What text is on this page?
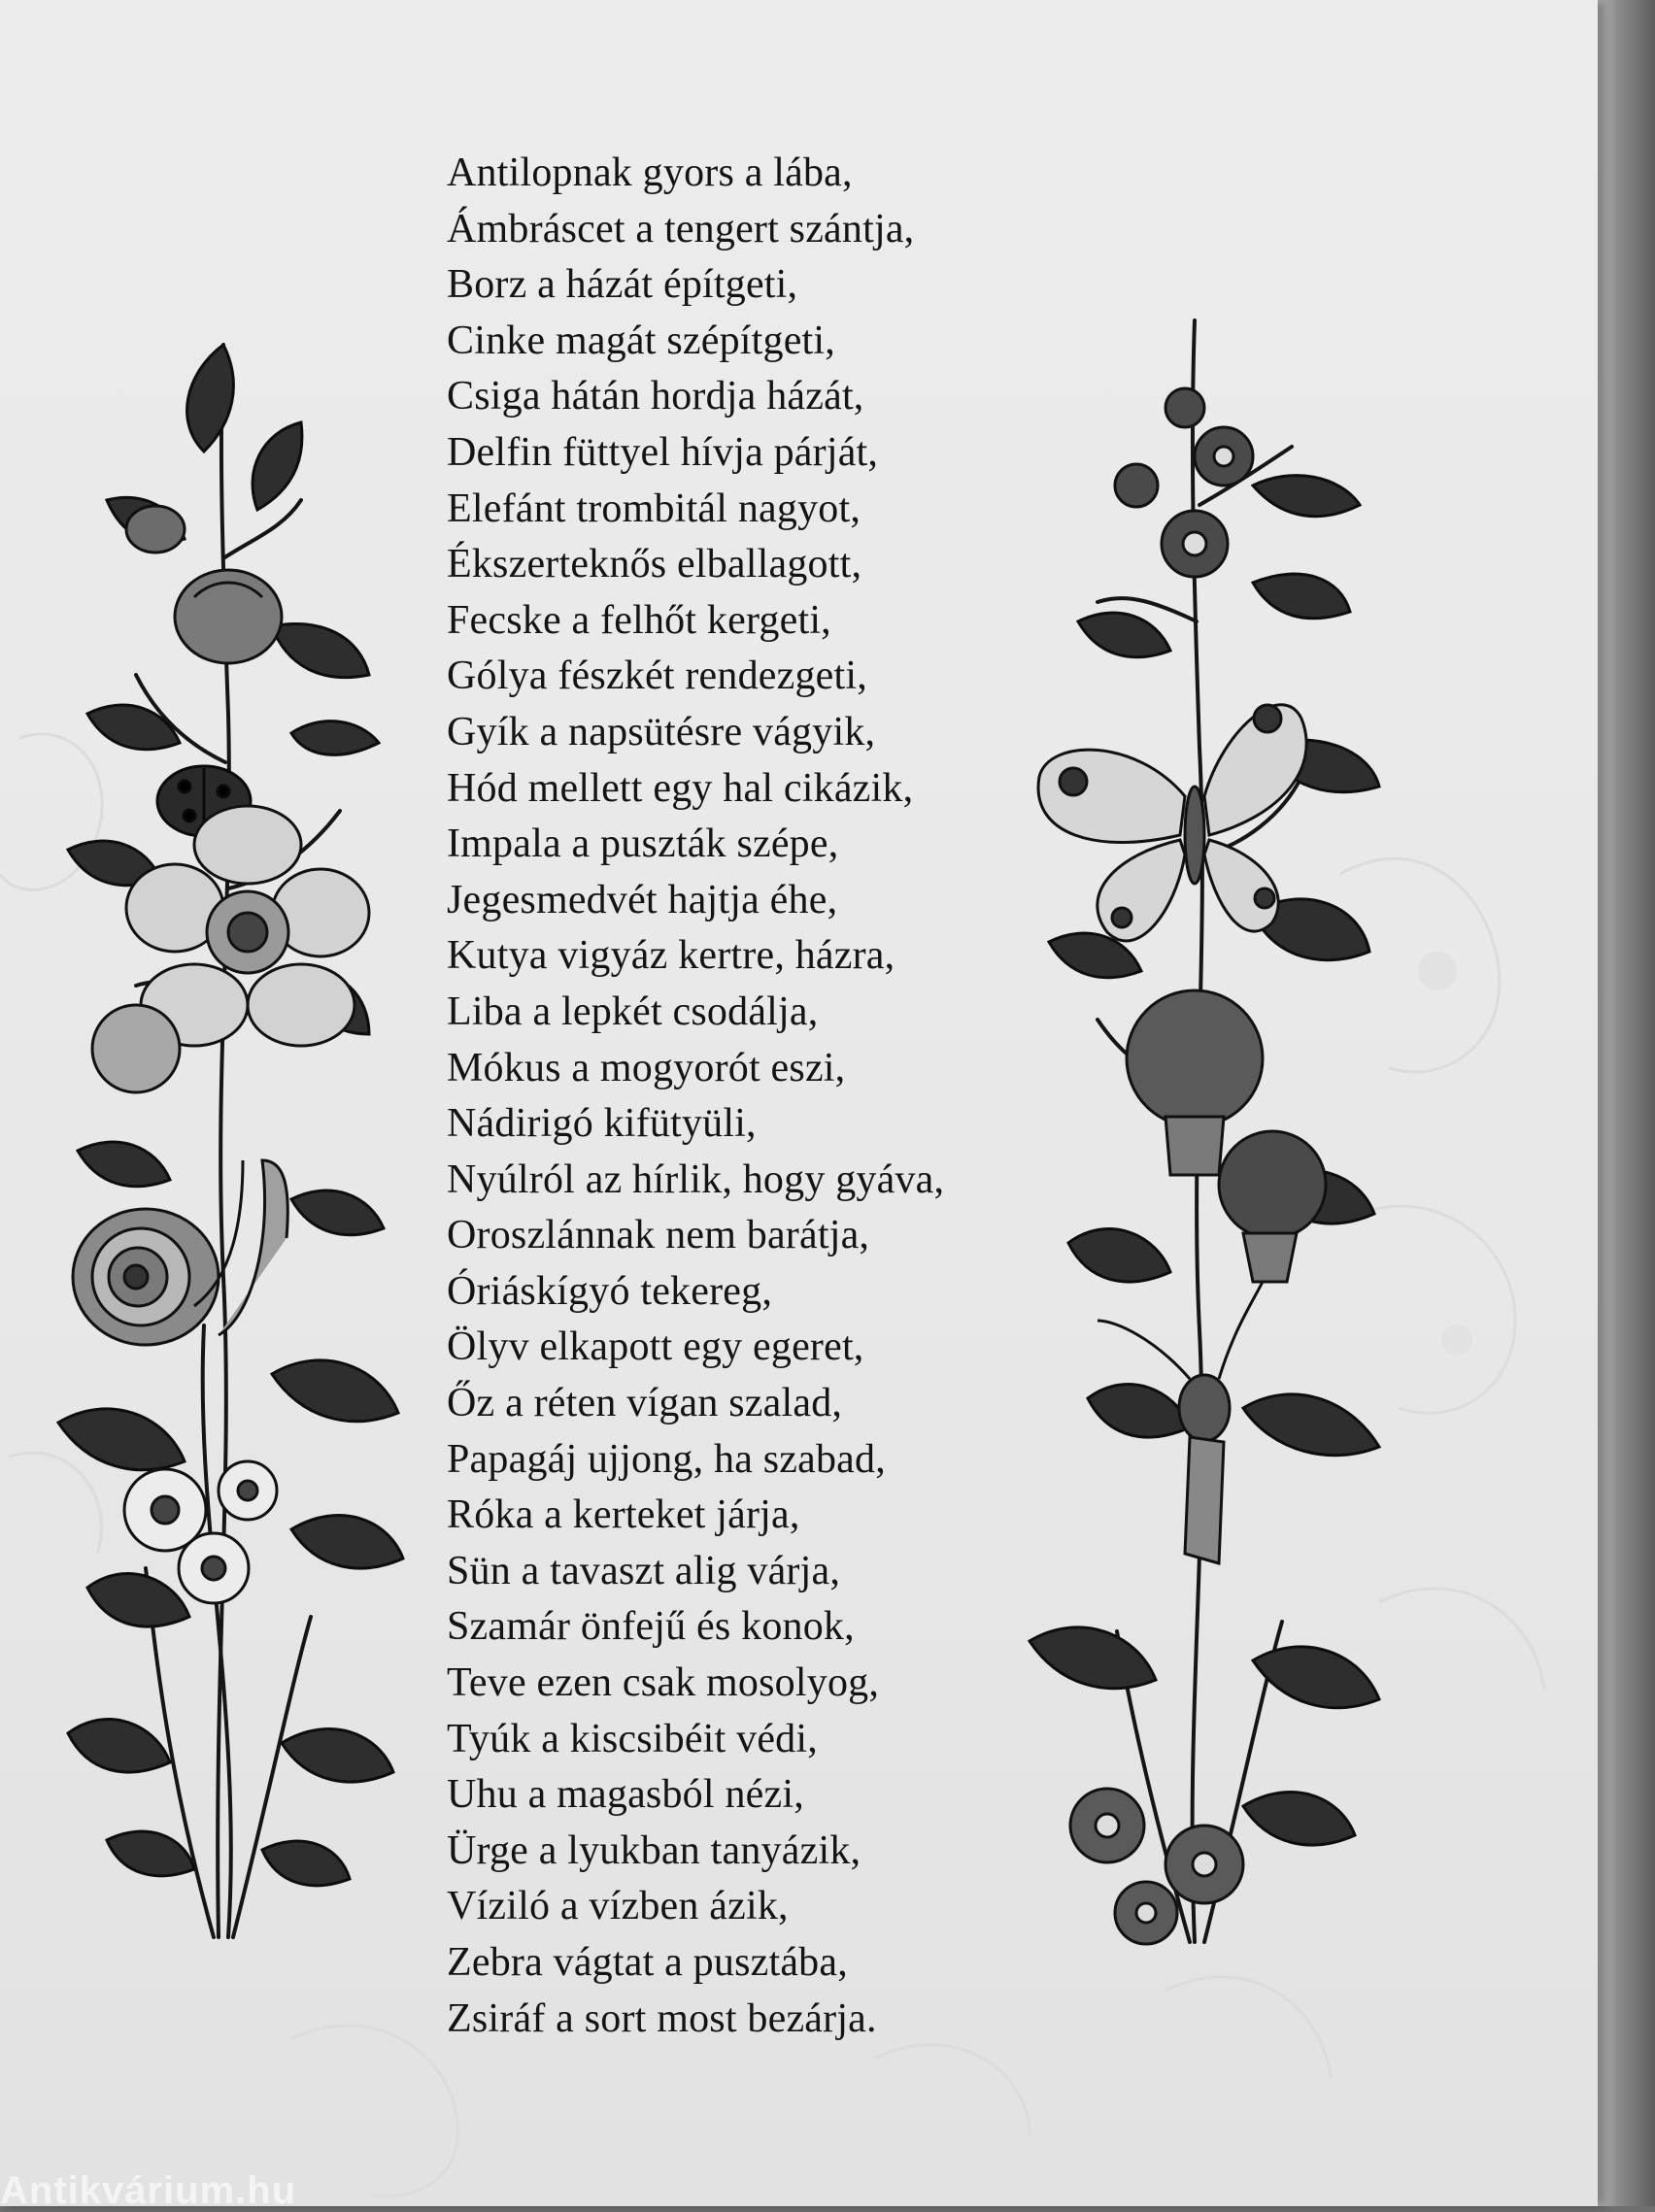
Antilopnak gyors a lába,
Ámbráscet a tengert szántja,
Borz a házát építgeti,
Cinke magát szépítgeti,
Csiga hátán hordja házát,
Delfin füttyel hívja párját,
Elefánt trombitál nagyot,
Ékszerteknős elballagott,
Fecske a felhőt kergeti,
Gólya fészkét rendezgeti,
Gyík a napsütésre vágyik,
Hód mellett egy hal cikázik,
Impala a puszták szépe,
Jegesmedvét hajtja éhe,
Kutya vigyáz kertre, házra,
Liba a lepkét csodálja,
Mókus a mogyorót eszi,
Nádirigó kifütyüli,
Nyúlról az hírlik, hogy gyáva,
Oroszlánnak nem barátja,
Óriáskígyó tekereg,
Ölyv elkapott egy egeret,
Őz a réten vígan szalad,
Papagáj ujjong, ha szabad,
Róka a kerteket járja,
Sün a tavaszt alig várja,
Szamár önfejű és konok,
Teve ezen csak mosolyog,
Tyúk a kiscsibéit védi,
Uhu a magasból nézi,
Ürge a lyukban tanyázik,
Víziló a vízben ázik,
Zebra vágtat a pusztába,
Zsiráf a sort most bezárja.
Antikvárium.hu
